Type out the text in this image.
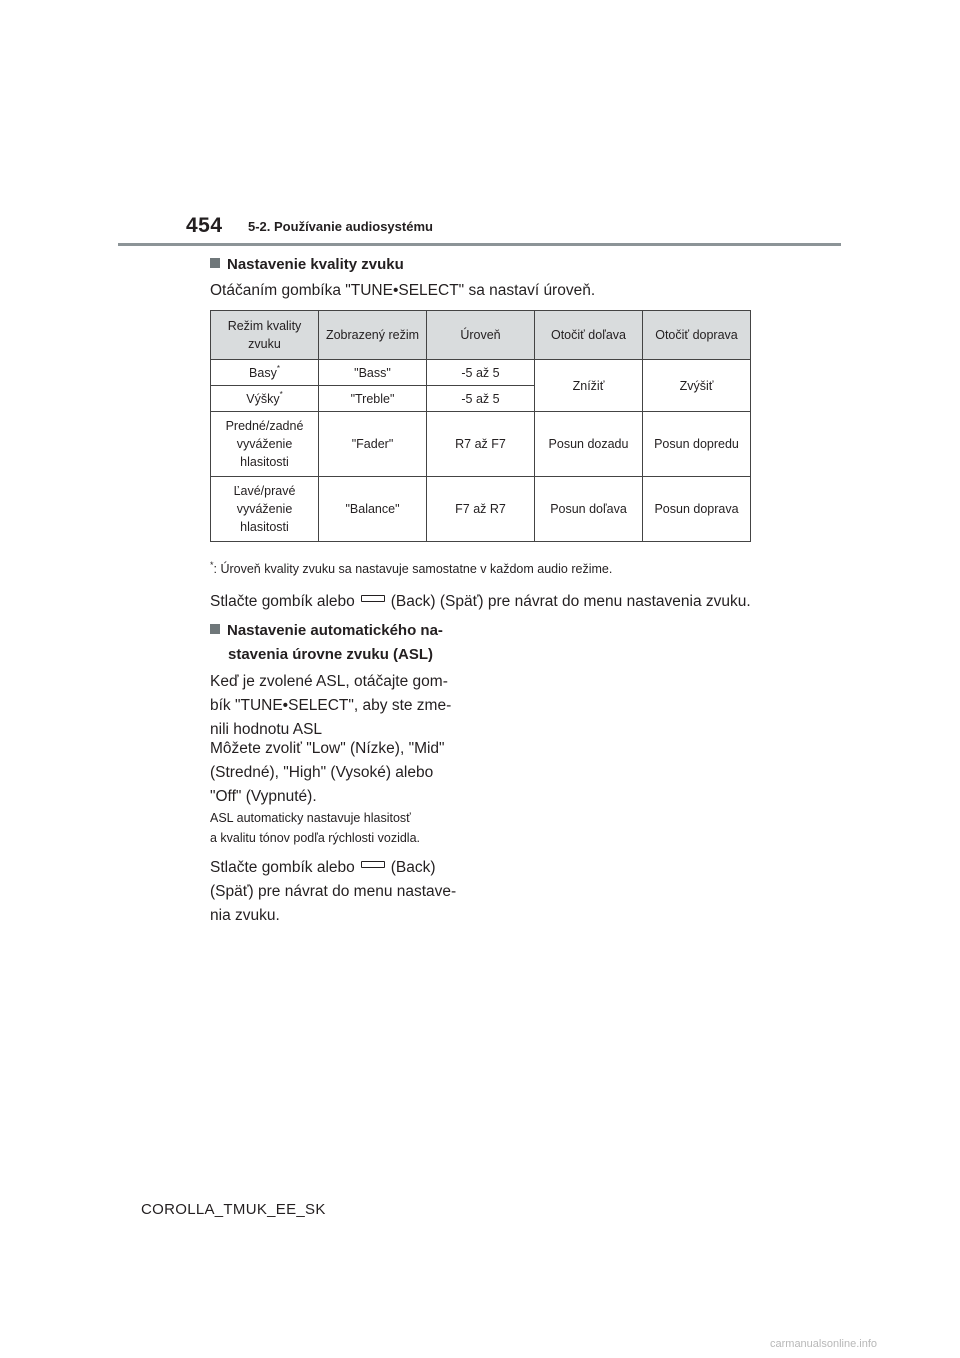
454 5-2. Používanie audiosystému
Nastavenie kvality zvuku
Otáčaním gombíka "TUNE•SELECT" sa nastaví úroveň.
Režim kvality zvuku	Zobrazený režim	Úroveň	Otočiť doľava	Otočiť doprava
Basy*	"Bass"	-5 až 5	Znížiť	Zvýšiť
Výšky*	"Treble"	-5 až 5		
Predné/zadné vyváženie hlasitosti	"Fader"	R7 až F7	Posun dozadu	Posun dopredu
Ľavé/pravé vyváženie hlasitosti	"Balance"	F7 až R7	Posun doľava	Posun doprava
*: Úroveň kvality zvuku sa nastavuje samostatne v každom audio režime.
Stlačte gombík alebo (Back) (Späť) pre návrat do menu nastavenia zvuku.
Nastavenie automatického na-
stavenia úrovne zvuku (ASL)
Keď je zvolené ASL, otáčajte gom-
bík "TUNE•SELECT", aby ste zme-
nili hodnotu ASL
Môžete zvoliť "Low" (Nízke), "Mid"
(Stredné), "High" (Vysoké) alebo
"Off" (Vypnuté).
ASL automaticky nastavuje hlasitosť
a kvalitu tónov podľa rýchlosti vozidla.
Stlačte gombík alebo (Back)
(Späť) pre návrat do menu nastave-
nia zvuku.
COROLLA_TMUK_EE_SK
carmanualsonline.info
